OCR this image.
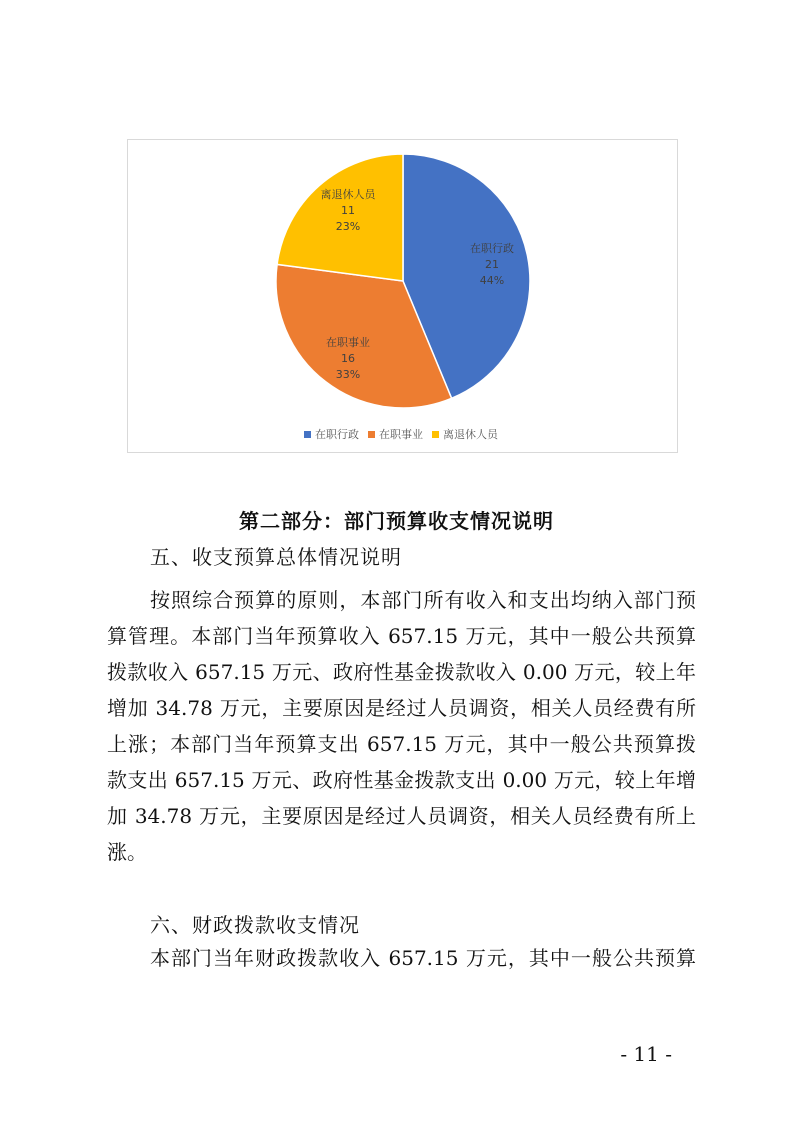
在职行政
21
44%
在职事业
16
33%
离退休人员
11
23%
在职行政 在职事业 离退休人员
第二部分：部门预算收支情况说明
五、收支预算总体情况说明
按照综合预算的原则，本部门所有收入和支出均纳入部门预
算管理。本部门当年预算收入 657.15 万元，其中一般公共预算
拨款收入 657.15 万元、政府性基金拨款收入 0.00 万元，较上年
增加 34.78 万元，主要原因是经过人员调资，相关人员经费有所
上涨；本部门当年预算支出 657.15 万元，其中一般公共预算拨
款支出 657.15 万元、政府性基金拨款支出 0.00 万元，较上年增
加 34.78 万元，主要原因是经过人员调资，相关人员经费有所上
涨。
六、财政拨款收支情况
本部门当年财政拨款收入 657.15 万元，其中一般公共预算
- 11 -
